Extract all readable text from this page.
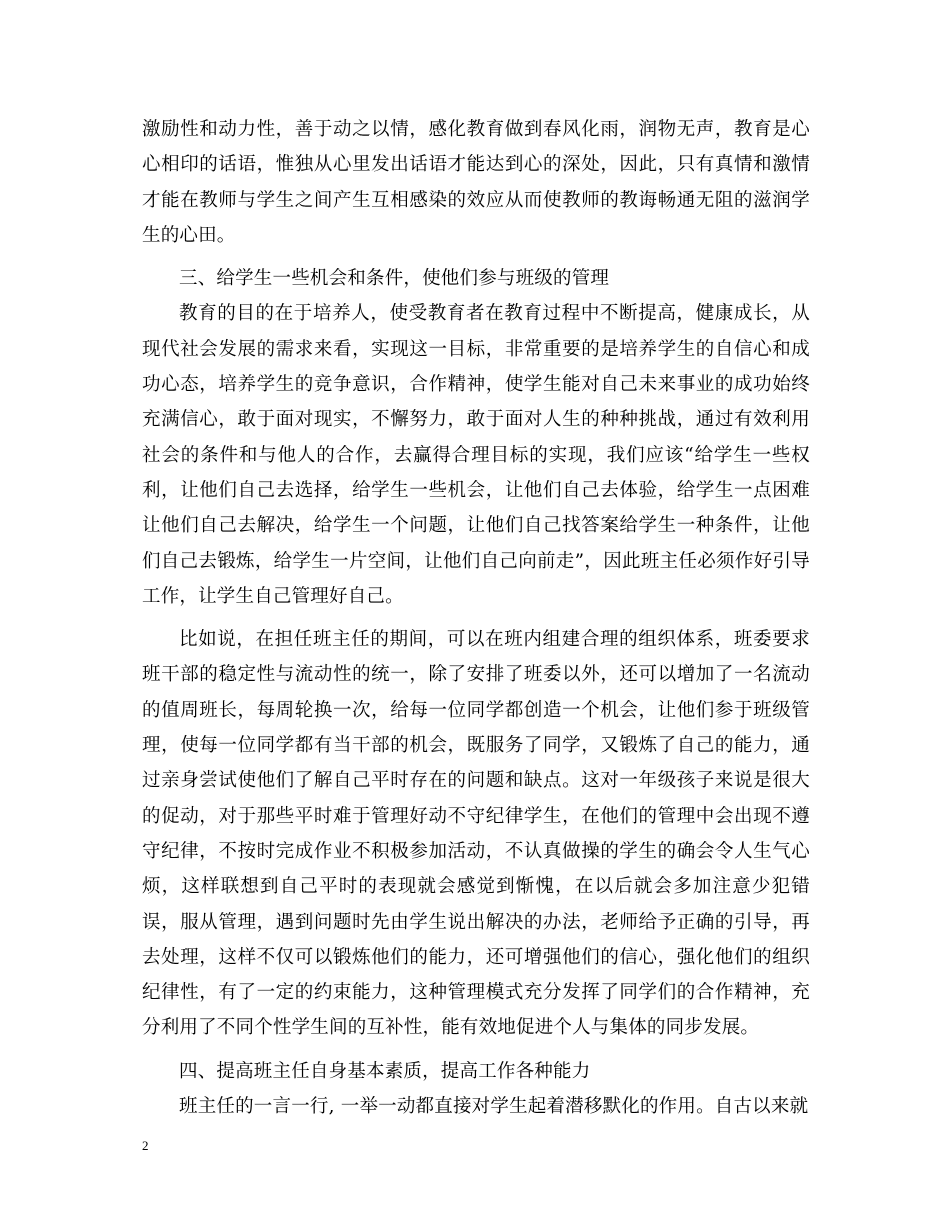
激励性和动力性，善于动之以情，感化教育做到春风化雨，润物无声，教育是心心相印的话语，惟独从心里发出话语才能达到心的深处，因此，只有真情和激情才能在教师与学生之间产生互相感染的效应从而使教师的教诲畅通无阻的滋润学生的心田。

三、给学生一些机会和条件，使他们参与班级的管理

教育的目的在于培养人，使受教育者在教育过程中不断提高，健康成长，从现代社会发展的需求来看，实现这一目标，非常重要的是培养学生的自信心和成功心态，培养学生的竞争意识，合作精神，使学生能对自己未来事业的成功始终充满信心，敢于面对现实，不懈努力，敢于面对人生的种种挑战，通过有效利用社会的条件和与他人的合作，去赢得合理目标的实现，我们应该“给学生一些权利，让他们自己去选择，给学生一些机会，让他们自己去体验，给学生一点困难让他们自己去解决，给学生一个问题，让他们自己找答案给学生一种条件，让他们自己去锻炼，给学生一片空间，让他们自己向前走”，因此班主任必须作好引导工作，让学生自己管理好自己。

比如说，在担任班主任的期间，可以在班内组建合理的组织体系，班委要求班干部的稳定性与流动性的统一，除了安排了班委以外，还可以增加了一名流动的值周班长，每周轮换一次，给每一位同学都创造一个机会，让他们参于班级管理，使每一位同学都有当干部的机会，既服务了同学，又锻炼了自己的能力，通过亲身尝试使他们了解自己平时存在的问题和缺点。这对一年级孩子来说是很大的促动，对于那些平时难于管理好动不守纪律学生，在他们的管理中会出现不遵守纪律，不按时完成作业不积极参加活动，不认真做操的学生的确会令人生气心烦，这样联想到自己平时的表现就会感觉到惭愧，在以后就会多加注意少犯错误，服从管理，遇到问题时先由学生说出解决的办法，老师给予正确的引导，再去处理，这样不仅可以锻炼他们的能力，还可增强他们的信心，强化他们的组织纪律性，有了一定的约束能力，这种管理模式充分发挥了同学们的合作精神，充分利用了不同个性学生间的互补性，能有效地促进个人与集体的同步发展。

四、提高班主任自身基本素质，提高工作各种能力

班主任的一言一行, 一举一动都直接对学生起着潜移默化的作用。自古以来就

2
